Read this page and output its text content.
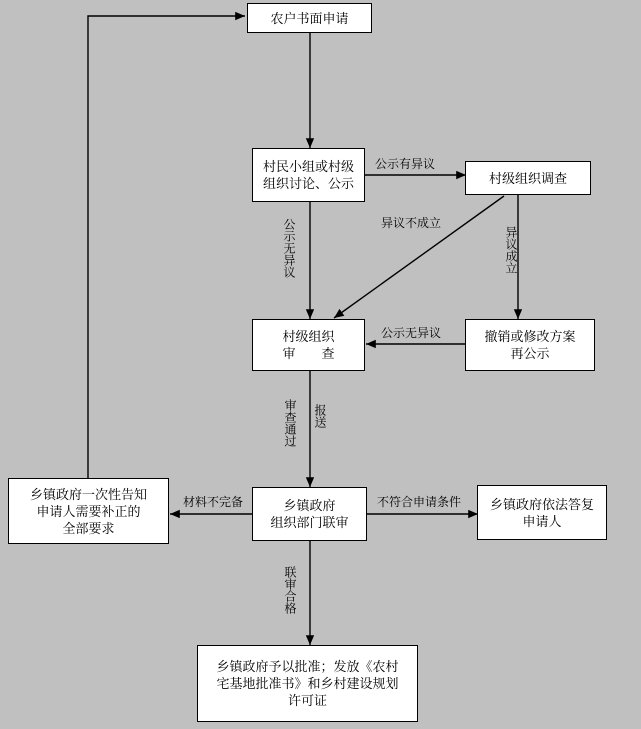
农户书面申请
村民小组或村级
组织讨论、公示	村级组织调查
村级组织
审　　查
撤销或修改方案
再公示
乡镇政府一次性告知
申请人需要补正的
全部要求
乡镇政府
组织部门联审
乡镇政府依法答复
申请人
乡镇政府予以批准；发放《农村
宅基地批准书》和乡村建设规划
许可证
公示有异议
公示无异议	异议不成立
异议成立
公示无异议
审查通过 报送
材料不完备	不符合申请条件
联审合格
